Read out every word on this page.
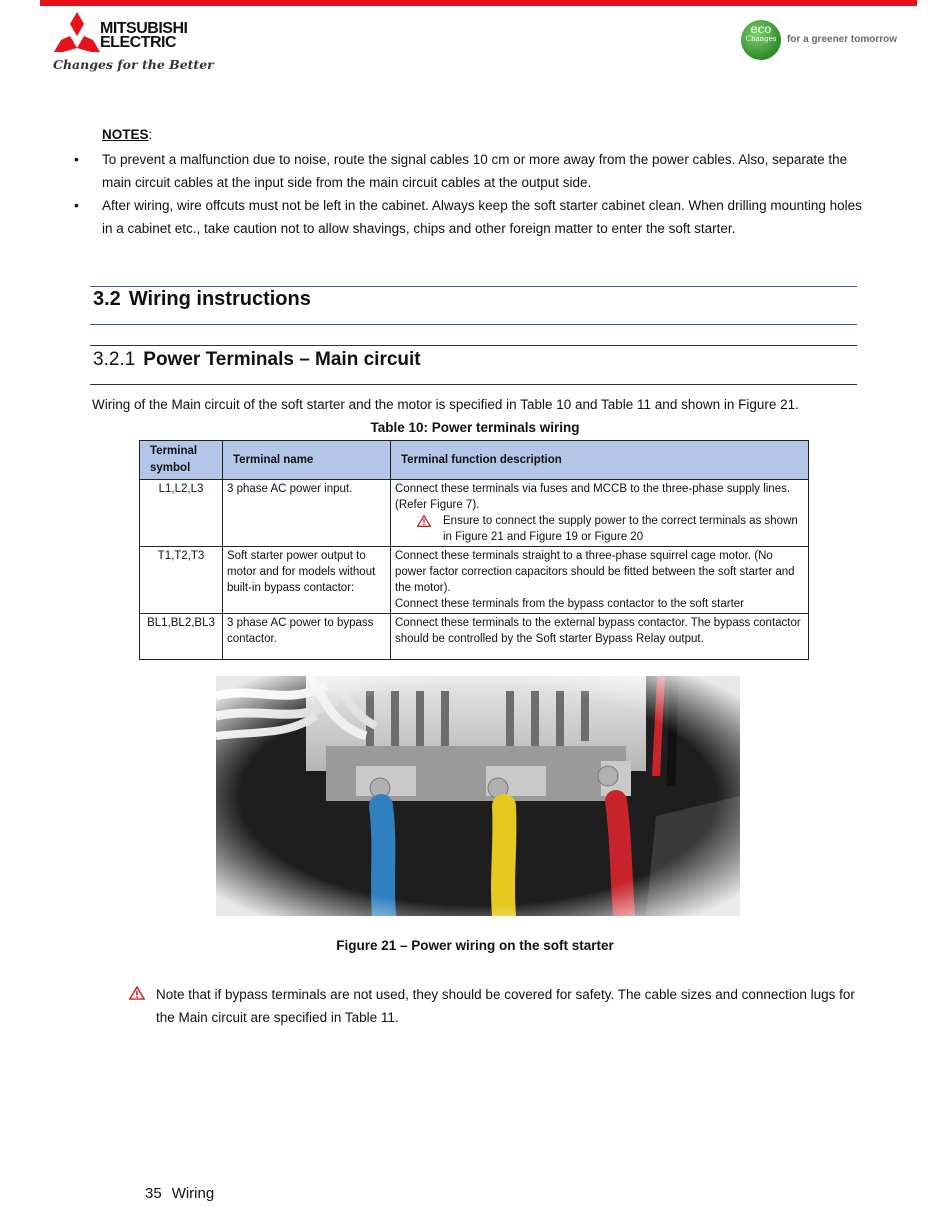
MITSUBISHI
ELECTRIC
Changes for the Better
eco
Changes for a greener tomorrow
NOTES:
• To prevent a malfunction due to noise, route the signal cables 10 cm or more away from the power cables. Also, separate the main circuit cables at the input side from the main circuit cables at the output side.
• After wiring, wire offcuts must not be left in the cabinet. Always keep the soft starter cabinet clean. When drilling mounting holes in a cabinet etc., take caution not to allow shavings, chips and other foreign matter to enter the soft starter.
3.2 Wiring instructions
3.2.1 Power Terminals – Main circuit
Wiring of the Main circuit of the soft starter and the motor is specified in Table 10 and Table 11 and shown in Figure 21.
Table 10: Power terminals wiring
Terminal symbol	Terminal name	Terminal function description
L1,L2,L3	3 phase AC power input.	Connect these terminals via fuses and MCCB to the three-phase supply lines. (Refer Figure 7).
Ensure to connect the supply power to the correct terminals as shown in Figure 21 and Figure 19 or Figure 20

T1,T2,T3	Soft starter power output to motor and for models without built-in bypass contactor:	Connect these terminals straight to a three-phase squirrel cage motor. (No power factor correction capacitors should be fitted between the soft starter and the motor).
Connect these terminals from the bypass contactor to the soft starter

BL1,BL2,BL3	3 phase AC power to bypass contactor.	Connect these terminals to the external bypass contactor. The bypass contactor should be controlled by the Soft starter Bypass Relay output.
Figure 21 – Power wiring on the soft starter
Note that if bypass terminals are not used, they should be covered for safety. The cable sizes and connection lugs for the Main circuit are specified in Table 11.
35 Wiring
